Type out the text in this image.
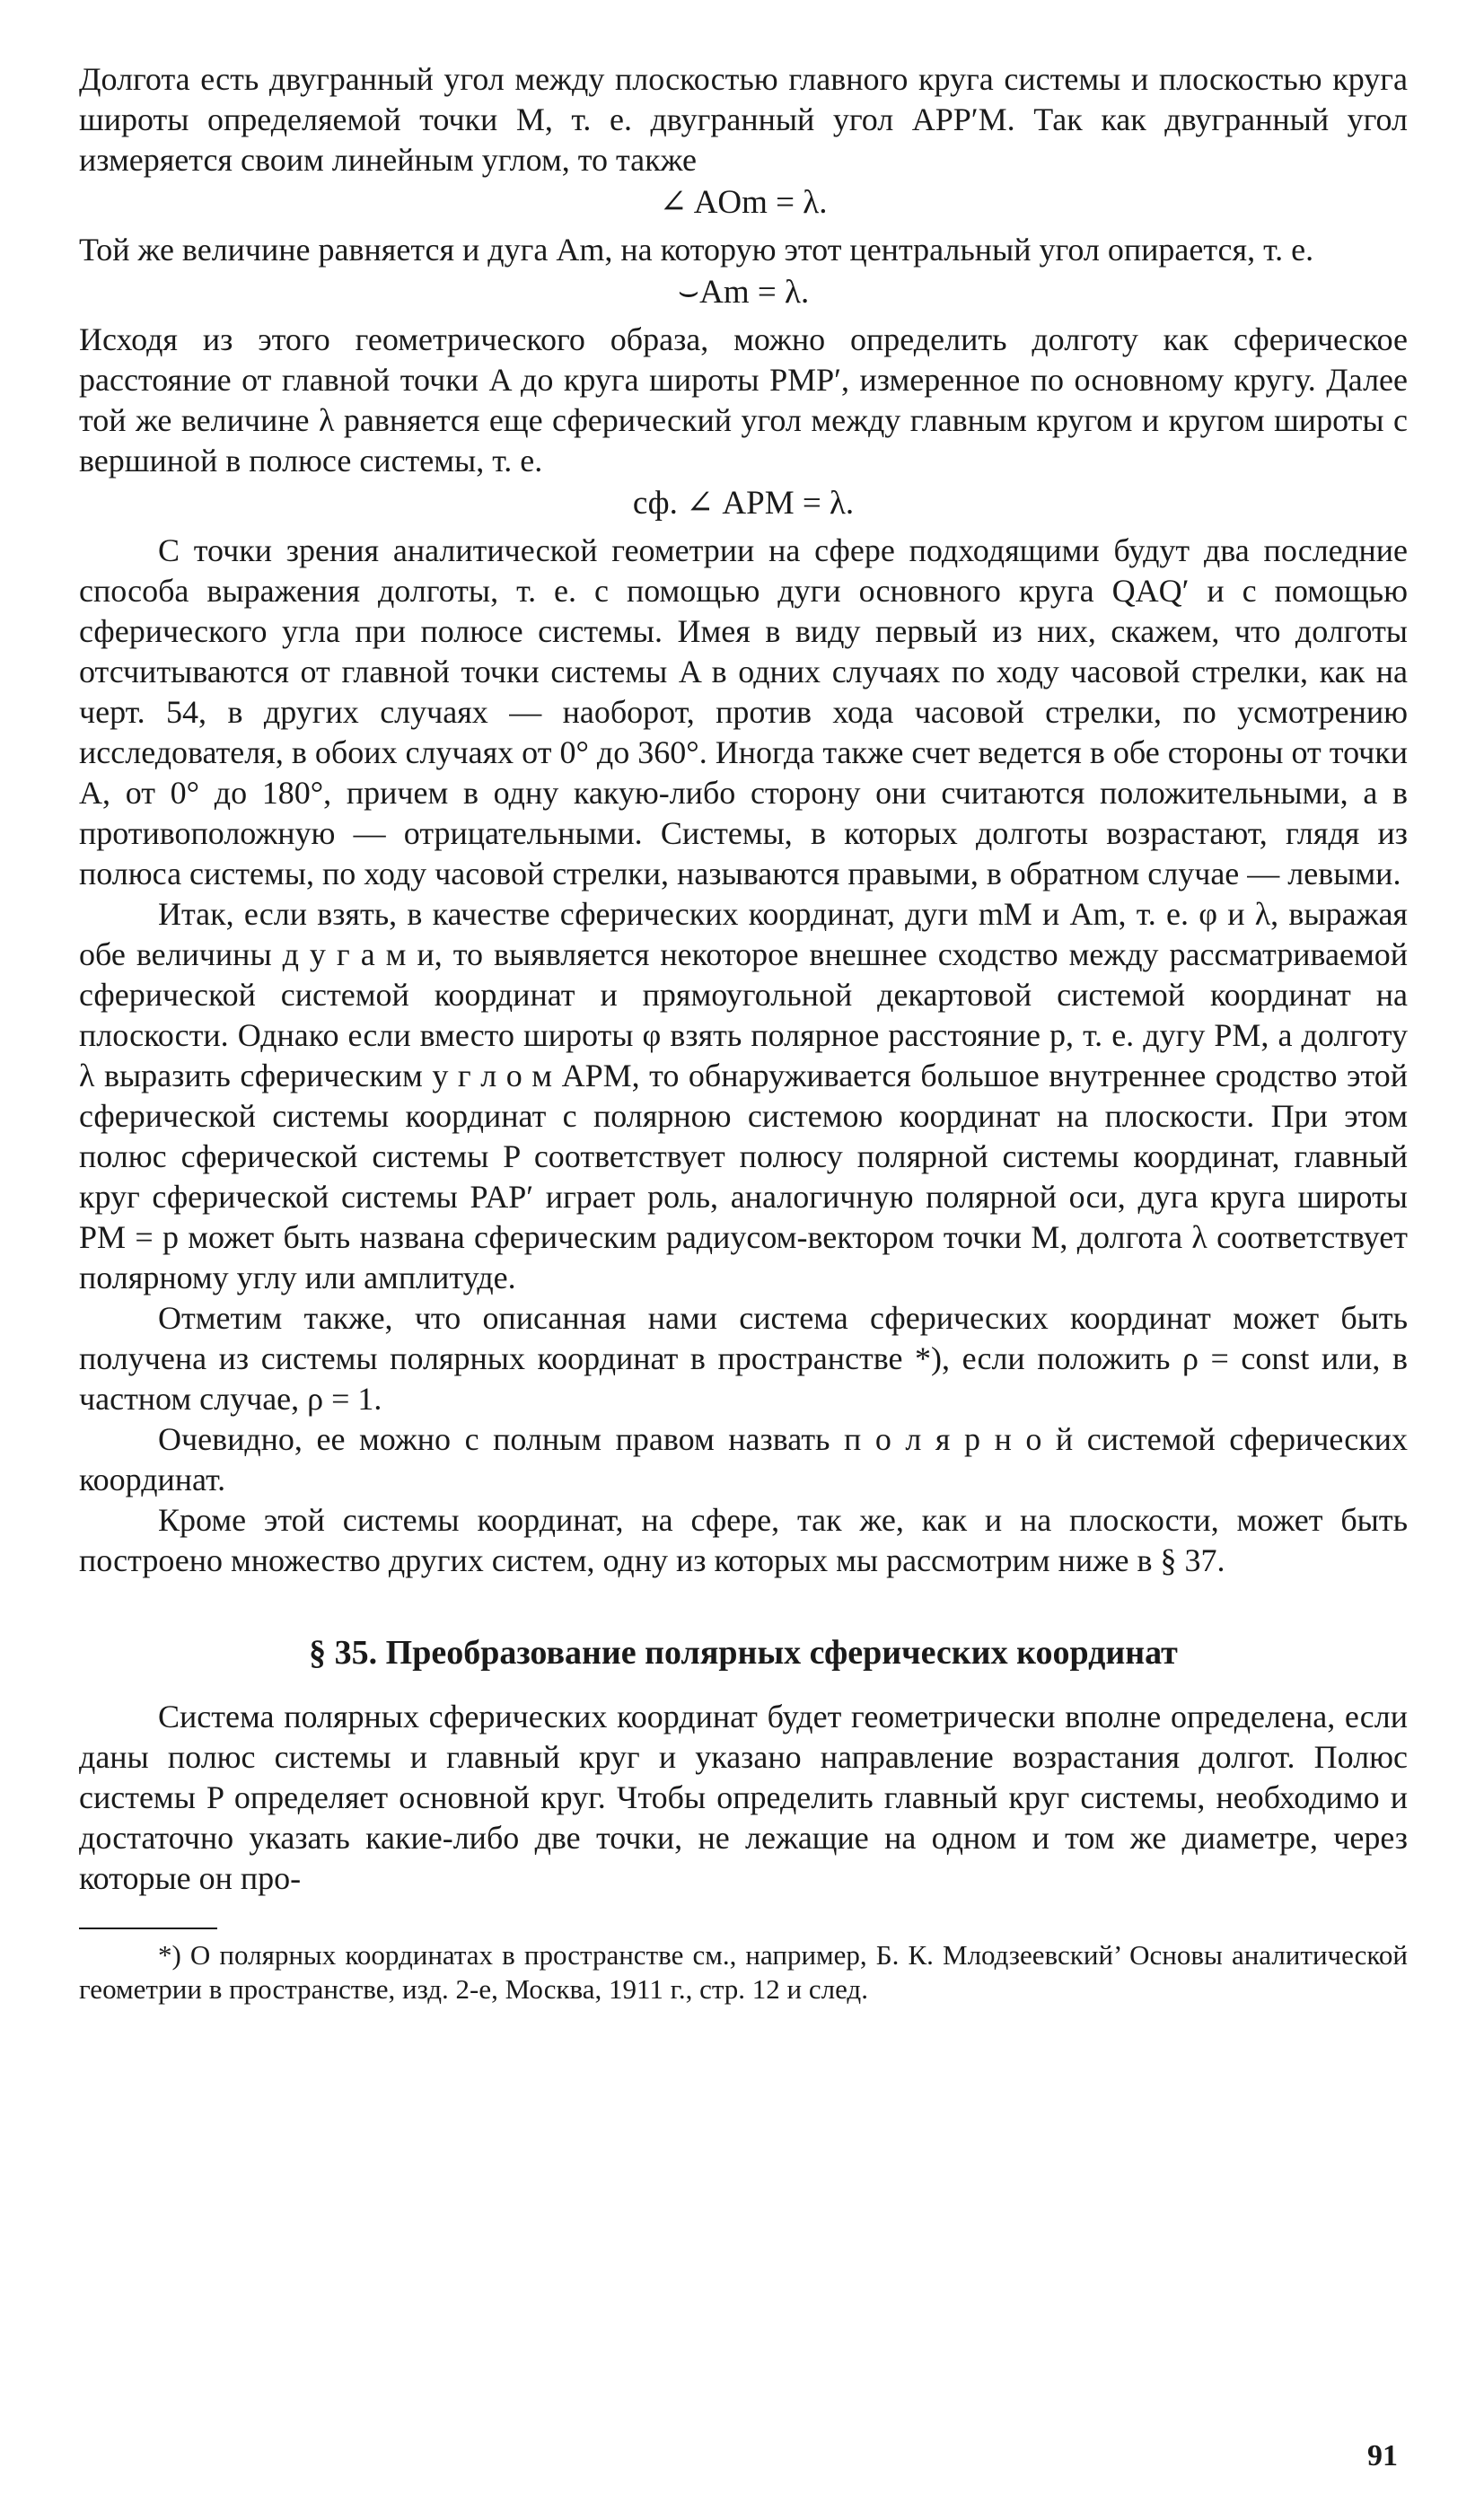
Долгота есть двугранный угол между плоскостью главного круга системы и плоскостью круга широты определяемой точки M, т. е. двугранный угол APP′M. Так как двугранный угол измеряется своим линейным углом, то также

∠ AOm = λ.

Той же величине равняется и дуга Am, на которую этот центральный угол опирается, т. е.

⌣Am = λ.

Исходя из этого геометрического образа, можно определить долготу как сферическое расстояние от главной точки A до круга широты PMP′, измеренное по основному кругу. Далее той же величине λ равняется еще сферический угол между главным кругом и кругом широты с вершиной в полюсе системы, т. е.

сф. ∠ APM = λ.

С точки зрения аналитической геометрии на сфере подходящими будут два последние способа выражения долготы, т. е. с помощью дуги основного круга QAQ′ и с помощью сферического угла при полюсе системы. Имея в виду первый из них, скажем, что долготы отсчитываются от главной точки системы A в одних случаях по ходу часовой стрелки, как на черт. 54, в других случаях — наоборот, против хода часовой стрелки, по усмотрению исследователя, в обоих случаях от 0° до 360°. Иногда также счет ведется в обе стороны от точки A, от 0° до 180°, причем в одну какую-либо сторону они считаются положительными, а в противоположную — отрицательными. Системы, в которых долготы возрастают, глядя из полюса системы, по ходу часовой стрелки, называются правыми, в обратном случае — левыми.

Итак, если взять, в качестве сферических координат, дуги mM и Am, т. е. φ и λ, выражая обе величины д у г а м и, то выявляется некоторое внешнее сходство между рассматриваемой сферической системой координат и прямоугольной декартовой системой координат на плоскости. Однако если вместо широты φ взять полярное расстояние p, т. е. дугу PM, а долготу λ выразить сферическим у г л о м APM, то обнаруживается большое внутреннее сродство этой сферической системы координат с полярною системою координат на плоскости. При этом полюс сферической системы P соответствует полюсу полярной системы координат, главный круг сферической системы PAP′ играет роль, аналогичную полярной оси, дуга круга широты PM = p может быть названа сферическим радиусом-вектором точки M, долгота λ соответствует полярному углу или амплитуде.

Отметим также, что описанная нами система сферических координат может быть получена из системы полярных координат в пространстве *), если положить ρ = const или, в частном случае, ρ = 1.

Очевидно, ее можно с полным правом назвать п о л я р н о й системой сферических координат.

Кроме этой системы координат, на сфере, так же, как и на плоскости, может быть построено множество других систем, одну из которых мы рассмотрим ниже в § 37.

§ 35. Преобразование полярных сферических координат

Система полярных сферических координат будет геометрически вполне определена, если даны полюс системы и главный круг и указано направление возрастания долгот. Полюс системы P определяет основной круг. Чтобы определить главный круг системы, необходимо и достаточно указать какие-либо две точки, не лежащие на одном и том же диаметре, через которые он про-

*) О полярных координатах в пространстве см., например, Б. К. Млодзеевский’ Основы аналитической геометрии в пространстве, изд. 2-е, Москва, 1911 г., стр. 12 и след.

91
